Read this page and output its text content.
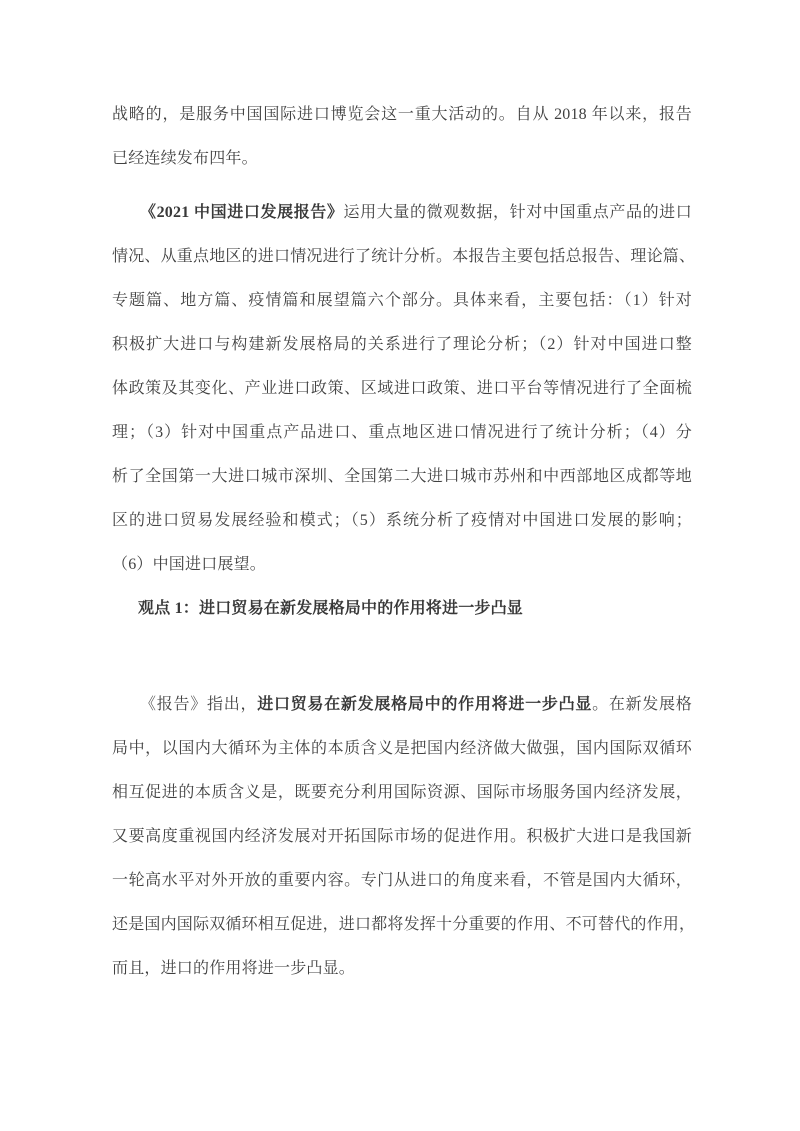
战略的，是服务中国国际进口博览会这一重大活动的。自从 2018 年以来，报告
已经连续发布四年。
《2021 中国进口发展报告》运用大量的微观数据，针对中国重点产品的进口
情况、从重点地区的进口情况进行了统计分析。本报告主要包括总报告、理论篇、
专题篇、地方篇、疫情篇和展望篇六个部分。具体来看，主要包括：（1）针对
积极扩大进口与构建新发展格局的关系进行了理论分析；（2）针对中国进口整
体政策及其变化、产业进口政策、区域进口政策、进口平台等情况进行了全面梳
理；（3）针对中国重点产品进口、重点地区进口情况进行了统计分析；（4）分
析了全国第一大进口城市深圳、全国第二大进口城市苏州和中西部地区成都等地
区的进口贸易发展经验和模式；（5）系统分析了疫情对中国进口发展的影响；
（6）中国进口展望。
观点 1：进口贸易在新发展格局中的作用将进一步凸显
《报告》指出，进口贸易在新发展格局中的作用将进一步凸显。在新发展格
局中，以国内大循环为主体的本质含义是把国内经济做大做强，国内国际双循环
相互促进的本质含义是，既要充分利用国际资源、国际市场服务国内经济发展，
又要高度重视国内经济发展对开拓国际市场的促进作用。积极扩大进口是我国新
一轮高水平对外开放的重要内容。专门从进口的角度来看，不管是国内大循环，
还是国内国际双循环相互促进，进口都将发挥十分重要的作用、不可替代的作用，
而且，进口的作用将进一步凸显。
